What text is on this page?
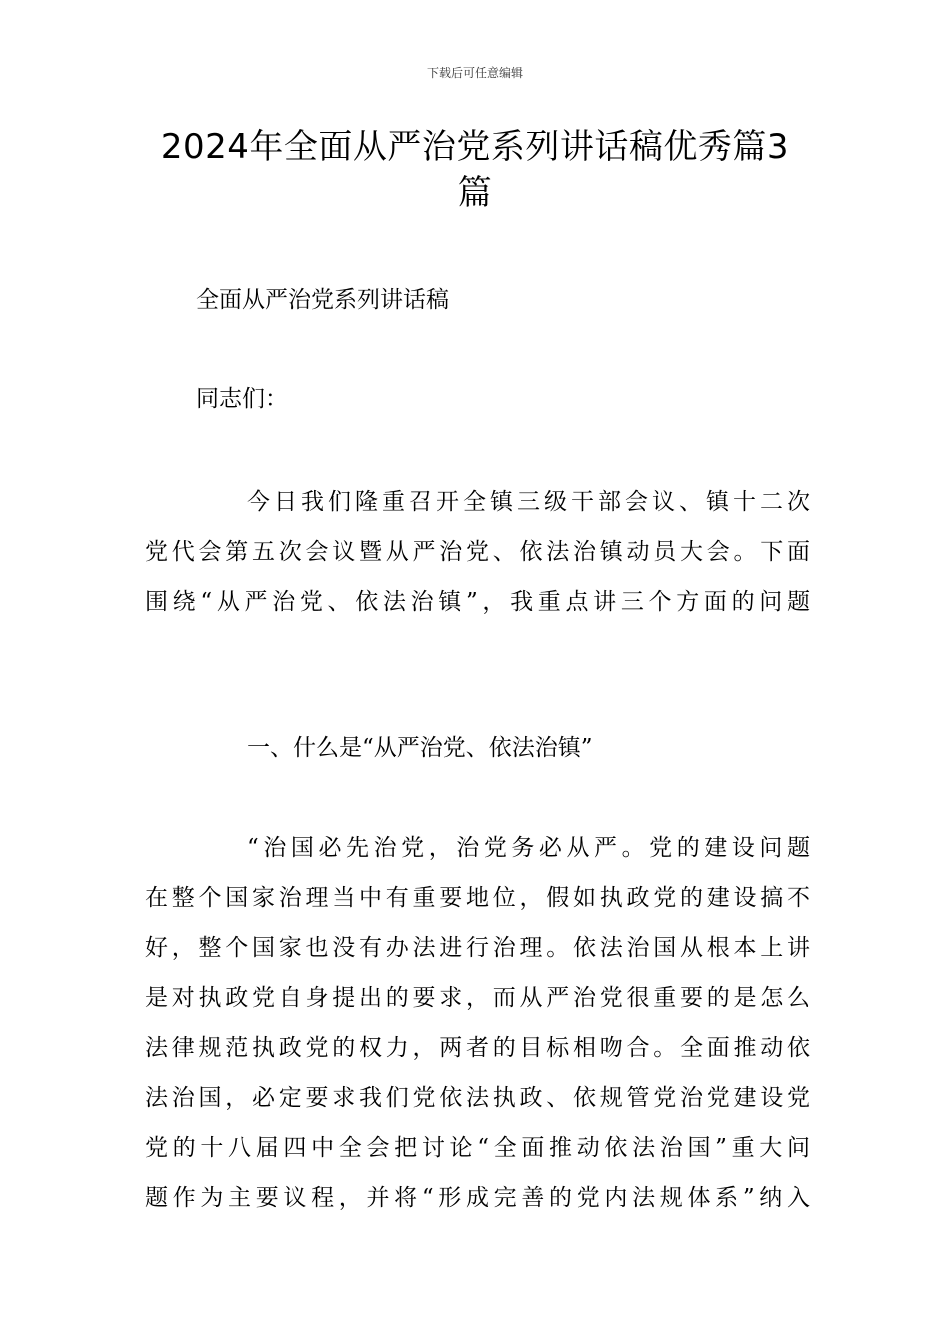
下载后可任意编辑

2024年全面从严治党系列讲话稿优秀篇3
篇

全面从严治党系列讲话稿

同志们：

今日我们隆重召开全镇三级干部会议、镇十二次
党代会第五次会议暨从严治党、依法治镇动员大会。下面
围绕“从严治党、依法治镇”，我重点讲三个方面的问题

一、什么是“从严治党、依法治镇”

“治国必先治党，治党务必从严。党的建设问题
在整个国家治理当中有重要地位，假如执政党的建设搞不
好，整个国家也没有办法进行治理。依法治国从根本上讲
是对执政党自身提出的要求，而从严治党很重要的是怎么
法律规范执政党的权力，两者的目标相吻合。全面推动依
法治国，必定要求我们党依法执政、依规管党治党建设党
党的十八届四中全会把讨论“全面推动依法治国”重大问
题作为主要议程，并将“形成完善的党内法规体系”纳入
